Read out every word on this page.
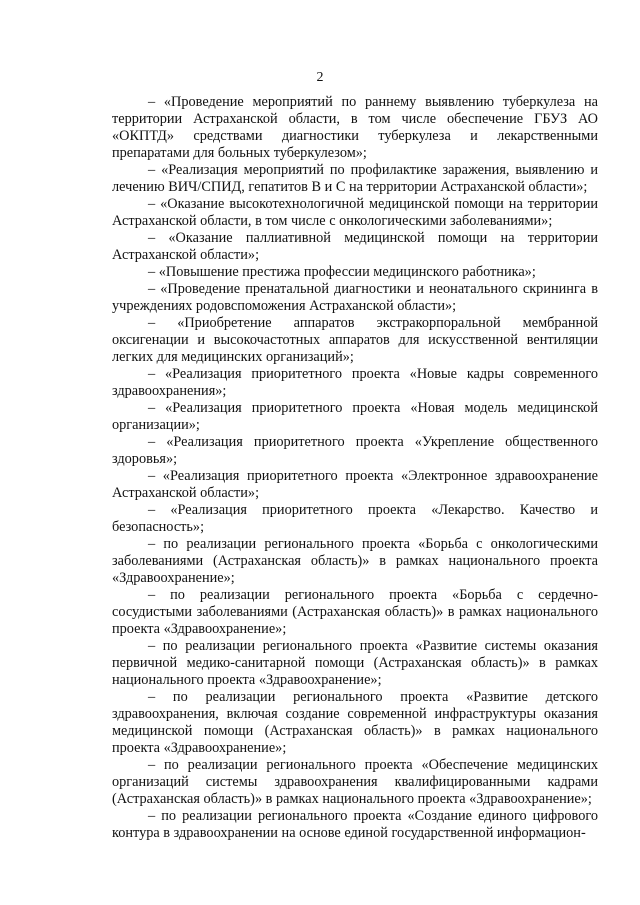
2

– «Проведение мероприятий по раннему выявлению туберкулеза на территории Астраханской области, в том числе обеспечение ГБУЗ АО «ОКПТД» средствами диагностики туберкулеза и лекарственными препаратами для больных туберкулезом»;

– «Реализация мероприятий по профилактике заражения, выявлению и лечению ВИЧ/СПИД, гепатитов В и С на территории Астраханской области»;

– «Оказание высокотехнологичной медицинской помощи на территории Астраханской области, в том числе с онкологическими заболеваниями»;

– «Оказание паллиативной медицинской помощи на территории Астраханской области»;

– «Повышение престижа профессии медицинского работника»;

– «Проведение пренатальной диагностики и неонатального скрининга в учреждениях родовспоможения Астраханской области»;

– «Приобретение аппаратов экстракорпоральной мембранной оксигенации и высокочастотных аппаратов для искусственной вентиляции легких для медицинских организаций»;

– «Реализация приоритетного проекта «Новые кадры современного здравоохранения»;

– «Реализация приоритетного проекта «Новая модель медицинской организации»;

– «Реализация приоритетного проекта «Укрепление общественного здоровья»;

– «Реализация приоритетного проекта «Электронное здравоохранение Астраханской области»;

– «Реализация приоритетного проекта «Лекарство. Качество и безопасность»;

– по реализации регионального проекта «Борьба с онкологическими заболеваниями (Астраханская область)» в рамках национального проекта «Здравоохранение»;

– по реализации регионального проекта «Борьба с сердечно-сосудистыми заболеваниями (Астраханская область)» в рамках национального проекта «Здравоохранение»;

– по реализации регионального проекта «Развитие системы оказания первичной медико-санитарной помощи (Астраханская область)» в рамках национального проекта «Здравоохранение»;

– по реализации регионального проекта «Развитие детского здравоохранения, включая создание современной инфраструктуры оказания медицинской помощи (Астраханская область)» в рамках национального проекта «Здравоохранение»;

– по реализации регионального проекта «Обеспечение медицинских организаций системы здравоохранения квалифицированными кадрами (Астраханская область)» в рамках национального проекта «Здравоохранение»;

– по реализации регионального проекта «Создание единого цифрового контура в здравоохранении на основе единой государственной информацион-
